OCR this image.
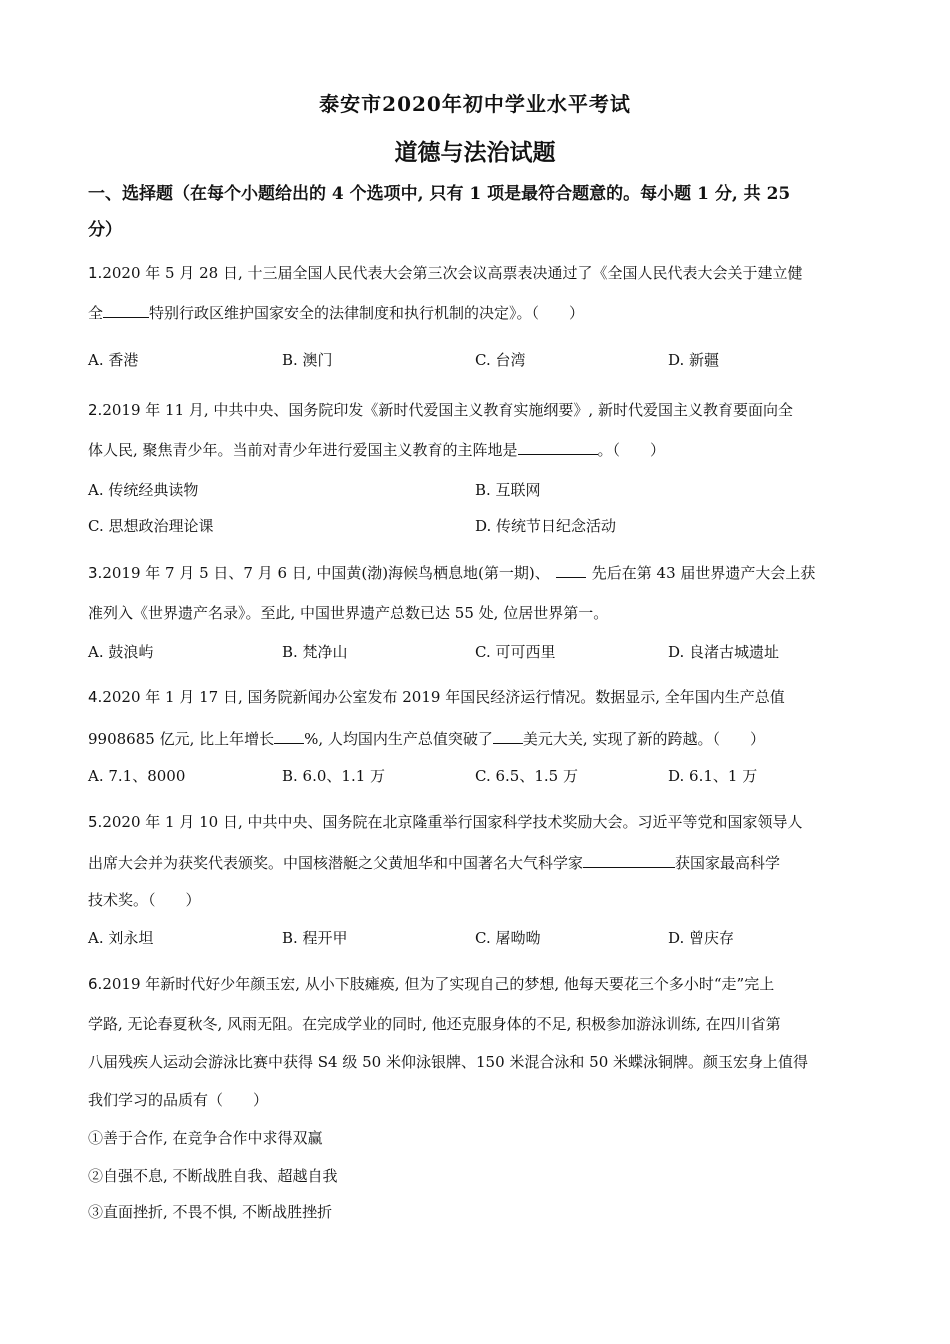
泰安市2020年初中学业水平考试
道德与法治试题
一、选择题（在每个小题给出的 4 个选项中, 只有 1 项是最符合题意的。每小题 1 分, 共 25
分）
1.2020 年 5 月 28 日, 十三届全国人民代表大会第三次会议高票表决通过了《全国人民代表大会关于建立健
全	特别行政区维护国家安全的法律制度和执行机制的决定》。（　　）
A. 香港	B. 澳门	C. 台湾	D. 新疆
2.2019 年 11 月, 中共中央、国务院印发《新时代爱国主义教育实施纲要》, 新时代爱国主义教育要面向全
体人民, 聚焦青少年。当前对青少年进行爱国主义教育的主阵地是	。（　　）
A. 传统经典读物	B. 互联网
C. 思想政治理论课	D. 传统节日纪念活动
3.2019 年 7 月 5 日、7 月 6 日, 中国黄(渤)海候鸟栖息地(第一期)、	先后在第 43 届世界遗产大会上获
准列入《世界遗产名录》。至此, 中国世界遗产总数已达 55 处, 位居世界第一。
A. 鼓浪屿	B. 梵净山	C. 可可西里	D. 良渚古城遗址
4.2020 年 1 月 17 日, 国务院新闻办公室发布 2019 年国民经济运行情况。数据显示, 全年国内生产总值
9908685 亿元, 比上年增长 %, 人均国内生产总值突破了 美元大关, 实现了新的跨越。（　　）
A. 7.1、8000	B. 6.0、1.1 万	C. 6.5、1.5 万	D. 6.1、1 万
5.2020 年 1 月 10 日, 中共中央、国务院在北京隆重举行国家科学技术奖励大会。习近平等党和国家领导人
出席大会并为获奖代表颁奖。中国核潜艇之父黄旭华和中国著名大气科学家	获国家最高科学
技术奖。（　　）
A. 刘永坦	B. 程开甲	C. 屠呦呦	D. 曾庆存
6.2019 年新时代好少年颜玉宏, 从小下肢瘫痪, 但为了实现自己的梦想, 他每天要花三个多小时“走”完上
学路, 无论春夏秋冬, 风雨无阻。在完成学业的同时, 他还克服身体的不足, 积极参加游泳训练, 在四川省第
八届残疾人运动会游泳比赛中获得 S4 级 50 米仰泳银牌、150 米混合泳和 50 米蝶泳铜牌。颜玉宏身上值得
我们学习的品质有（　　）
①善于合作, 在竞争合作中求得双赢
②自强不息, 不断战胜自我、超越自我
③直面挫折, 不畏不惧, 不断战胜挫折
